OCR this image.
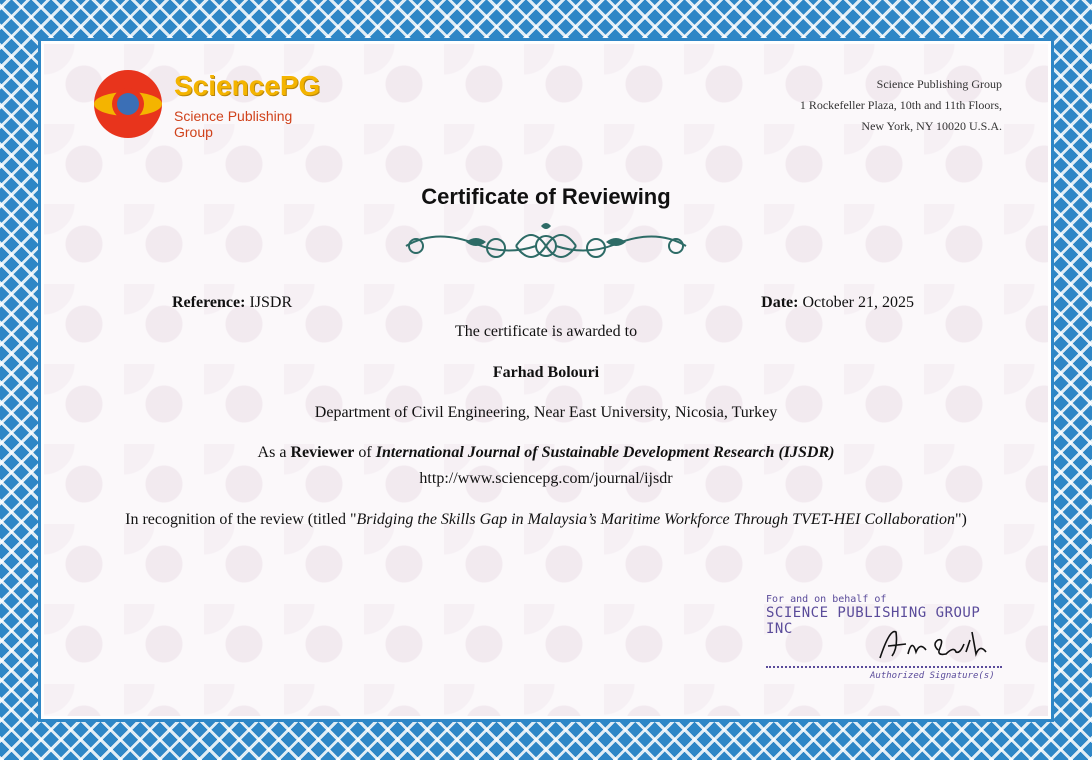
SciencePG
Science Publishing Group
Science Publishing Group
1 Rockefeller Plaza, 10th and 11th Floors,
New York, NY 10020 U.S.A.
Certificate of Reviewing
Reference: IJSDR	Date: October 21, 2025
The certificate is awarded to
Farhad Bolouri
Department of Civil Engineering, Near East University, Nicosia, Turkey
As a Reviewer of International Journal of Sustainable Development Research (IJSDR)
http://www.sciencepg.com/journal/ijsdr
In recognition of the review (titled "Bridging the Skills Gap in Malaysia’s Maritime Workforce Through TVET-HEI Collaboration")
For and on behalf of
SCIENCE PUBLISHING GROUP INC
Authorized Signature(s)
